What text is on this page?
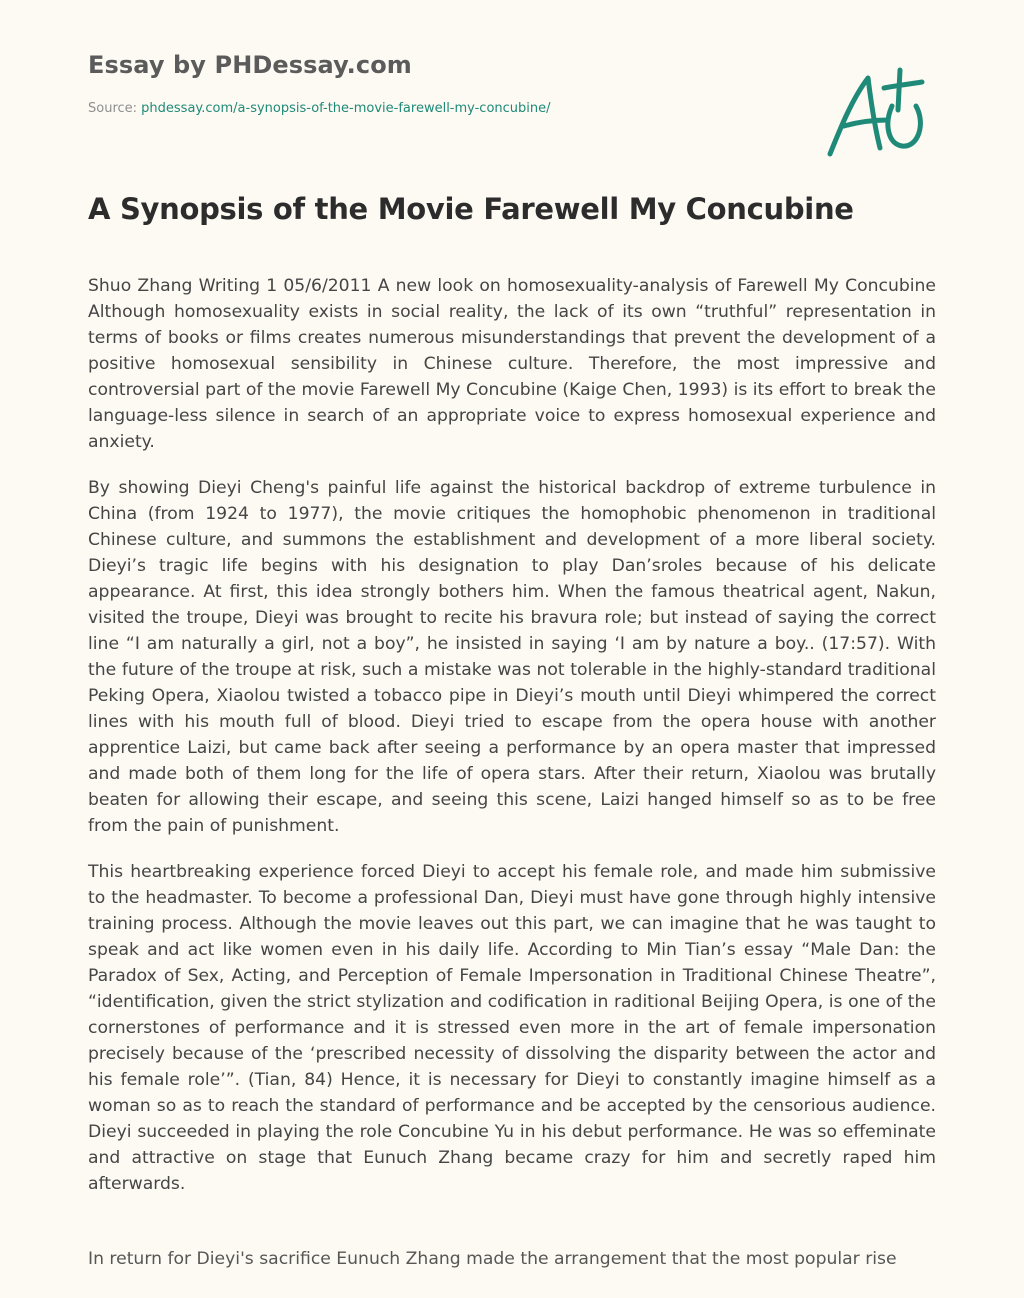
Essay by PHDessay.com
Source: phdessay.com/a-synopsis-of-the-movie-farewell-my-concubine/
A Synopsis of the Movie Farewell My Concubine

Shuo Zhang Writing 1 05/6/2011 A new look on homosexuality-analysis of Farewell My Concubine Although homosexuality exists in social reality, the lack of its own “truthful” representation in terms of books or films creates numerous misunderstandings that prevent the development of a positive homosexual sensibility in Chinese culture. Therefore, the most impressive and controversial part of the movie Farewell My Concubine (Kaige Chen, 1993) is its effort to break the language-less silence in search of an appropriate voice to express homosexual experience and anxiety.

By showing Dieyi Cheng's painful life against the historical backdrop of extreme turbulence in China (from 1924 to 1977), the movie critiques the homophobic phenomenon in traditional Chinese culture, and summons the establishment and development of a more liberal society. Dieyi’s tragic life begins with his designation to play Dan’sroles because of his delicate appearance. At first, this idea strongly bothers him. When the famous theatrical agent, Nakun, visited the troupe, Dieyi was brought to recite his bravura role; but instead of saying the correct line “I am naturally a girl, not a boy”, he insisted in saying ‘I am by nature a boy.. (17:57). With the future of the troupe at risk, such a mistake was not tolerable in the highly-standard traditional Peking Opera, Xiaolou twisted a tobacco pipe in Dieyi’s mouth until Dieyi whimpered the correct lines with his mouth full of blood. Dieyi tried to escape from the opera house with another apprentice Laizi, but came back after seeing a performance by an opera master that impressed and made both of them long for the life of opera stars. After their return, Xiaolou was brutally beaten for allowing their escape, and seeing this scene, Laizi hanged himself so as to be free from the pain of punishment.

This heartbreaking experience forced Dieyi to accept his female role, and made him submissive to the headmaster. To become a professional Dan, Dieyi must have gone through highly intensive training process. Although the movie leaves out this part, we can imagine that he was taught to speak and act like women even in his daily life. According to Min Tian’s essay “Male Dan: the Paradox of Sex, Acting, and Perception of Female Impersonation in Traditional Chinese Theatre”, “identification, given the strict stylization and codification in raditional Beijing Opera, is one of the cornerstones of performance and it is stressed even more in the art of female impersonation precisely because of the ‘prescribed necessity of dissolving the disparity between the actor and his female role’”. (Tian, 84) Hence, it is necessary for Dieyi to constantly imagine himself as a woman so as to reach the standard of performance and be accepted by the censorious audience. Dieyi succeeded in playing the role Concubine Yu in his debut performance. He was so effeminate and attractive on stage that Eunuch Zhang became crazy for him and secretly raped him afterwards.

In return for Dieyi's sacrifice Eunuch Zhang made the arrangement that the most popular rise
